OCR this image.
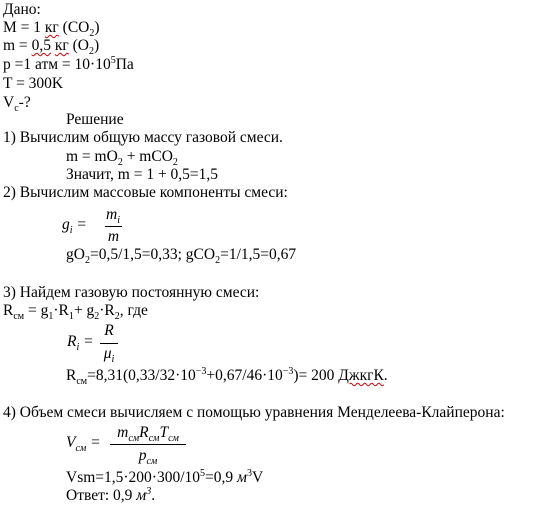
Дано:
M = 1 кг $(CO_2)$
m = 0,5 кг $(O_2)$
p =1 атм = $10\cdot 10^5Па$
T = 300K
$V_c-$?
Решение
1) Вычислим общую массу газовой смеси.
$m = mO_2 + mCO_2$
Значит, m = 1 + 0,5=1,5
2) Вычислим массовые компоненты смеси:
$g_i$ =
$m_i$
m
$gO_2=0,5/1,5=0,33$; gCO$_2$=1/1,5=0,67
3) Найдем газовую постоянную смеси:
$R_{см} = g_1\cdot R_1+ g_2\cdot R_2$, где
$R_i$ =
R
$\mu_i$
$R_{см}=8,31(0,33/32\cdot 10^{-3}+0,67/46\cdot 10^{-3})= 200$ ДжкгК.
4) Объем смеси вычисляем с помощью уравнения Менделеева-Клайперона:
$V_{см}$ =
$m_{см}R_{см}T_{см}$
$p_{см}$
$Vsm=1,5\cdot 200\cdot 300/10^5=0,9$ $м^3V$
Ответ: 0,9 $м^3$.
